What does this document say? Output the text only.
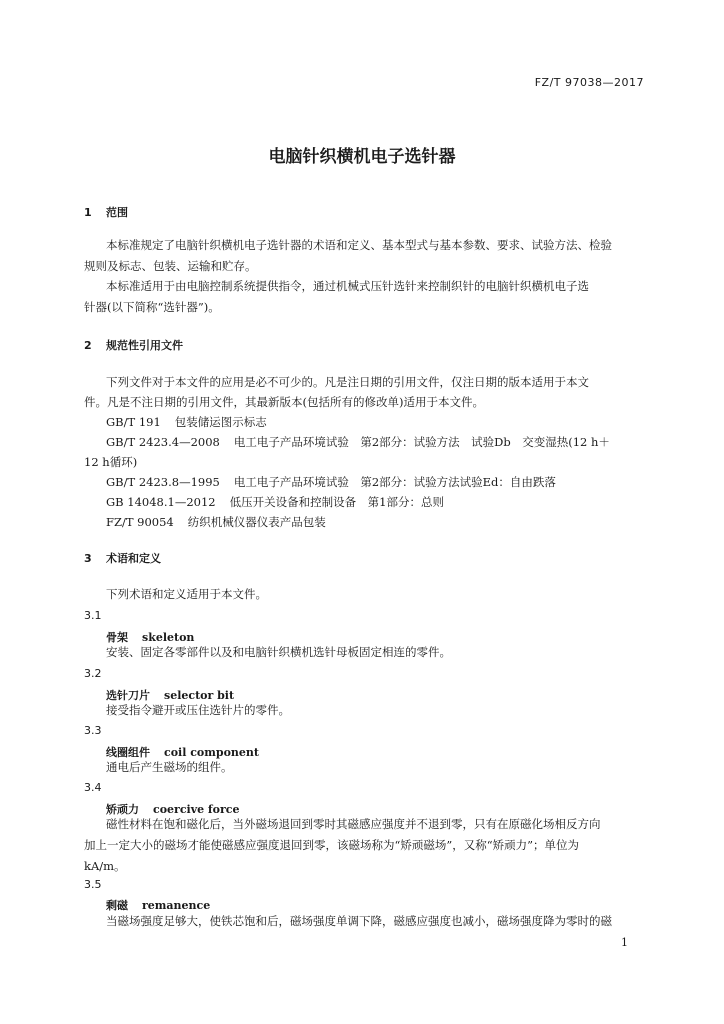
FZ/T 97038—2017
电脑针织横机电子选针器
1 范围
本标准规定了电脑针织横机电子选针器的术语和定义、基本型式与基本参数、要求、试验方法、检验
规则及标志、包装、运输和贮存。
本标准适用于由电脑控制系统提供指令，通过机械式压针选针来控制织针的电脑针织横机电子选
针器(以下简称“选针器”)。
2 规范性引用文件
下列文件对于本文件的应用是必不可少的。凡是注日期的引用文件，仅注日期的版本适用于本文
件。凡是不注日期的引用文件，其最新版本(包括所有的修改单)适用于本文件。
GB/T 191 包装储运图示标志
GB/T 2423.4—2008 电工电子产品环境试验　第2部分：试验方法　试验Db　交变湿热(12 h＋
12 h循环)
GB/T 2423.8—1995 电工电子产品环境试验　第2部分：试验方法试验Ed：自由跌落
GB 14048.1—2012 低压开关设备和控制设备　第1部分：总则
FZ/T 90054 纺织机械仪器仪表产品包装
3 术语和定义
下列术语和定义适用于本文件。
3.1
骨架 skeleton
安装、固定各零部件以及和电脑针织横机选针母板固定相连的零件。
3.2
选针刀片 selector bit
接受指令避开或压住选针片的零件。
3.3
线圈组件 coil component
通电后产生磁场的组件。
3.4
矫顽力 coercive force
磁性材料在饱和磁化后，当外磁场退回到零时其磁感应强度并不退到零，只有在原磁化场相反方向
加上一定大小的磁场才能使磁感应强度退回到零，该磁场称为“矫顽磁场”，又称“矫顽力”；单位为
kA/m。
3.5
剩磁 remanence
当磁场强度足够大，使铁芯饱和后，磁场强度单调下降，磁感应强度也减小，磁场强度降为零时的磁
1
